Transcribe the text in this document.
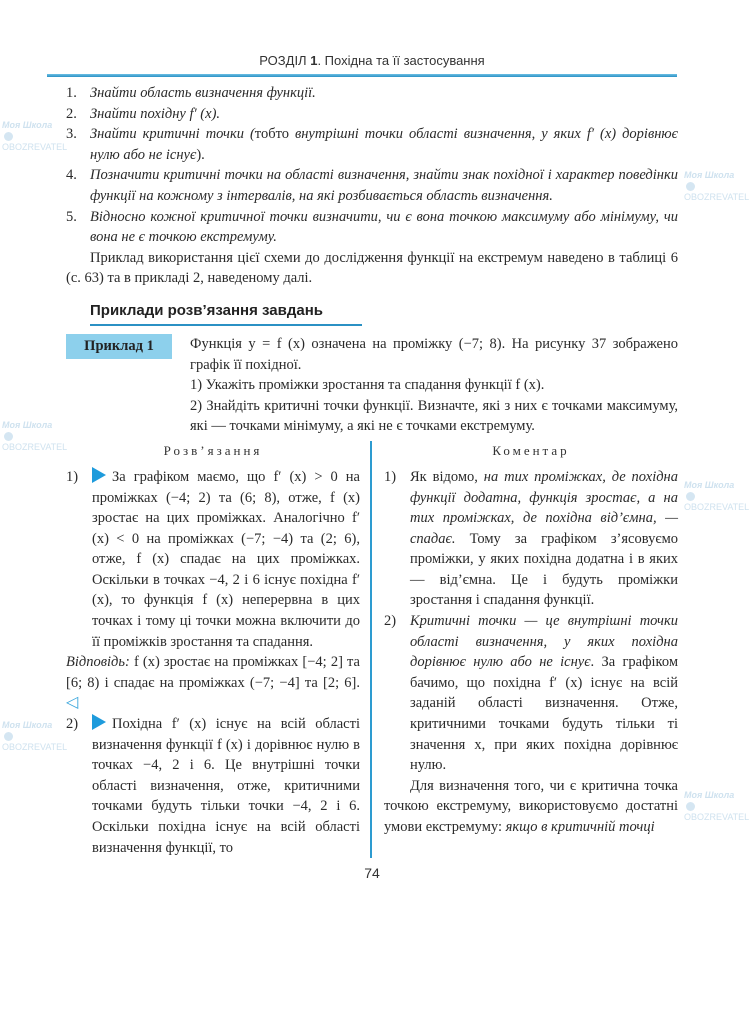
Моя ШколаOBOZREVATEL
Моя ШколаOBOZREVATEL
Моя ШколаOBOZREVATEL
Моя ШколаOBOZREVATEL
Моя ШколаOBOZREVATEL
Моя ШколаOBOZREVATEL
РОЗДІЛ 1. Похідна та її застосування
1. Знайти область визначення функції.
2. Знайти похідну f′ (x).
3. Знайти критичні точки (тобто внутрішні точки області визначення, у яких f′ (x) дорівнює нулю або не існує).
4. Позначити критичні точки на області визначення, знайти знак похідної і характер поведінки функції на кожному з інтервалів, на які розбивається область визначення.
5. Відносно кожної критичної точки визначити, чи є вона точкою максимуму або мінімуму, чи вона не є точкою екстремуму.
Приклад використання цієї схеми до дослідження функції на екстремум наведено в таблиці 6 (с. 63) та в прикладі 2, наведеному далі.
Приклади розв’язання завдань
Приклад 1	Функція y = f (x) означена на проміжку (−7; 8). На рисунку 37 зображено графік її похідної.
1) Укажіть проміжки зростання та спадання функції f (x).
2) Знайдіть критичні точки функції. Визначте, які з них є точками максимуму, які — точками мінімуму, а які не є точками екстремуму.
Розв’язання
1)	За графіком маємо, що f′ (x) > 0 на проміжках (−4; 2) та (6; 8), отже, f (x) зростає на цих проміжках. Аналогічно f′ (x) < 0 на проміжках (−7; −4) та (2; 6), отже, f (x) спадає на цих проміжках. Оскільки в точках −4, 2 і 6 існує похідна f′ (x), то функція f (x) неперервна в цих точках і тому ці точки можна включити до її проміжків зростання та спадання.
Відповідь: f (x) зростає на проміжках [−4; 2] та [6; 8) і спадає на проміжках (−7; −4] та [2; 6]. ◁
2)	Похідна f′ (x) існує на всій області визначення функції f (x) і дорівнює нулю в точках −4, 2 і 6. Це внутрішні точки області визначення, отже, критичними точками будуть тільки точки −4, 2 і 6. Оскільки похідна існує на всій області визначення функції, то
Коментар
1) Як відомо, на тих проміжках, де похідна функції додатна, функція зростає, а на тих проміжках, де похідна від’ємна, — спадає. Тому за графіком з’ясовуємо проміжки, у яких похідна додатна і в яких — від’ємна. Це і будуть проміжки зростання і спадання функції.
2) Критичні точки — це внутрішні точки області визначення, у яких похідна дорівнює нулю або не існує. За графіком бачимо, що похідна f′ (x) існує на всій заданій області визначення. Отже, критичними точками будуть тільки ті значення x, при яких похідна дорівнює нулю.
Для визначення того, чи є критична точка точкою екстремуму, використовуємо достатні умови екстремуму: якщо в критичній точці
74
